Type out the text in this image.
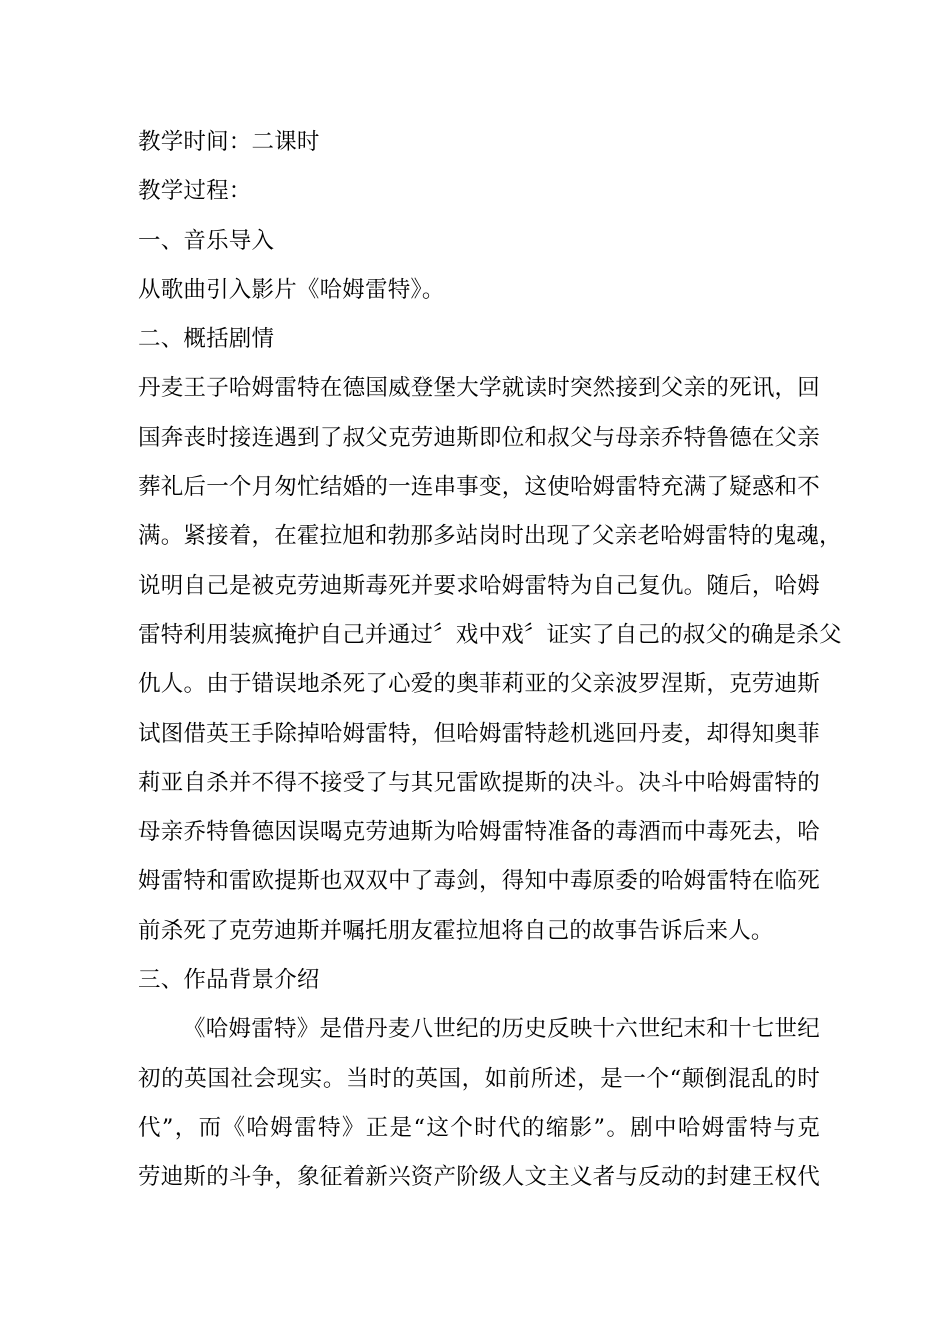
教学时间：二课时
教学过程：
一、音乐导入
从歌曲引入影片《哈姆雷特》。
二、概括剧情
丹麦王子哈姆雷特在德国威登堡大学就读时突然接到父亲的死讯，回
国奔丧时接连遇到了叔父克劳迪斯即位和叔父与母亲乔特鲁德在父亲
葬礼后一个月匆忙结婚的一连串事变，这使哈姆雷特充满了疑惑和不
满。紧接着，在霍拉旭和勃那多站岗时出现了父亲老哈姆雷特的鬼魂，
说明自己是被克劳迪斯毒死并要求哈姆雷特为自己复仇。随后，哈姆
雷特利用装疯掩护自己并通过〞戏中戏〞证实了自己的叔父的确是杀父
仇人。由于错误地杀死了心爱的奥菲莉亚的父亲波罗涅斯，克劳迪斯
试图借英王手除掉哈姆雷特，但哈姆雷特趁机逃回丹麦，却得知奥菲
莉亚自杀并不得不接受了与其兄雷欧提斯的决斗。决斗中哈姆雷特的
母亲乔特鲁德因误喝克劳迪斯为哈姆雷特准备的毒酒而中毒死去，哈
姆雷特和雷欧提斯也双双中了毒剑，得知中毒原委的哈姆雷特在临死
前杀死了克劳迪斯并嘱托朋友霍拉旭将自己的故事告诉后来人。
三、作品背景介绍
《哈姆雷特》是借丹麦八世纪的历史反映十六世纪末和十七世纪
初的英国社会现实。当时的英国，如前所述，是一个“颠倒混乱的时
代”，而《哈姆雷特》正是“这个时代的缩影”。剧中哈姆雷特与克
劳迪斯的斗争，象征着新兴资产阶级人文主义者与反动的封建王权代
